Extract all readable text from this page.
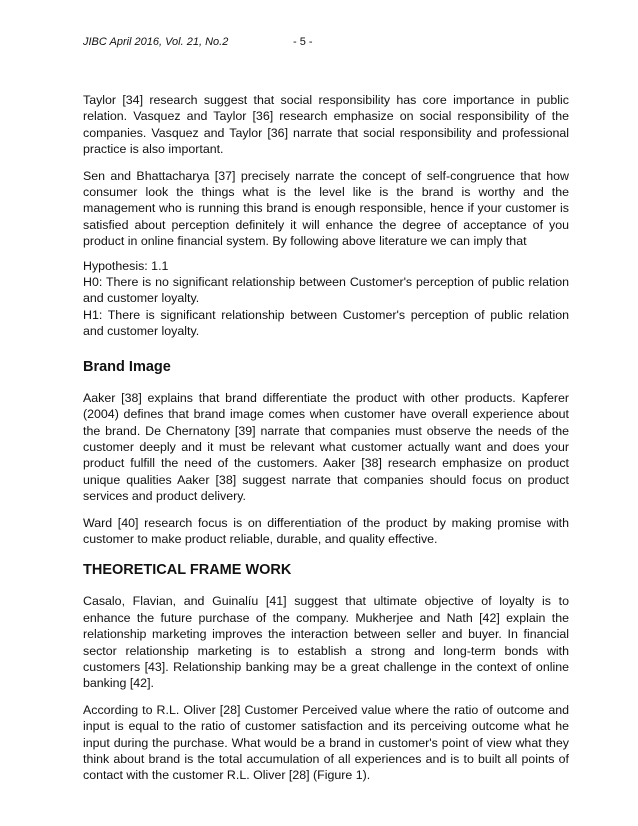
JIBC April 2016, Vol. 21, No.2	- 5 -

Taylor [34] research suggest that social responsibility has core importance in public relation. Vasquez and Taylor [36] research emphasize on social responsibility of the companies. Vasquez and Taylor [36] narrate that social responsibility and professional practice is also important.

Sen and Bhattacharya [37] precisely narrate the concept of self-congruence that how consumer look the things what is the level like is the brand is worthy and the management who is running this brand is enough responsible, hence if your customer is satisfied about perception definitely it will enhance the degree of acceptance of you product in online financial system. By following above literature we can imply that

Hypothesis: 1.1
H0: There is no significant relationship between Customer's perception of public relation and customer loyalty.
H1: There is significant relationship between Customer's perception of public relation and customer loyalty.
Brand Image

Aaker [38] explains that brand differentiate the product with other products. Kapferer (2004) defines that brand image comes when customer have overall experience about the brand. De Chernatony [39] narrate that companies must observe the needs of the customer deeply and it must be relevant what customer actually want and does your product fulfill the need of the customers. Aaker [38] research emphasize on product unique qualities Aaker [38] suggest narrate that companies should focus on product services and product delivery.

Ward [40] research focus is on differentiation of the product by making promise with customer to make product reliable, durable, and quality effective.

THEORETICAL FRAME WORK

Casalo, Flavian, and Guinalíu [41] suggest that ultimate objective of loyalty is to enhance the future purchase of the company. Mukherjee and Nath [42] explain the relationship marketing improves the interaction between seller and buyer. In financial sector relationship marketing is to establish a strong and long-term bonds with customers [43]. Relationship banking may be a great challenge in the context of online banking [42].

According to R.L. Oliver [28] Customer Perceived value where the ratio of outcome and input is equal to the ratio of customer satisfaction and its perceiving outcome what he input during the purchase. What would be a brand in customer's point of view what they think about brand is the total accumulation of all experiences and is to built all points of contact with the customer R.L. Oliver [28] (Figure 1).
